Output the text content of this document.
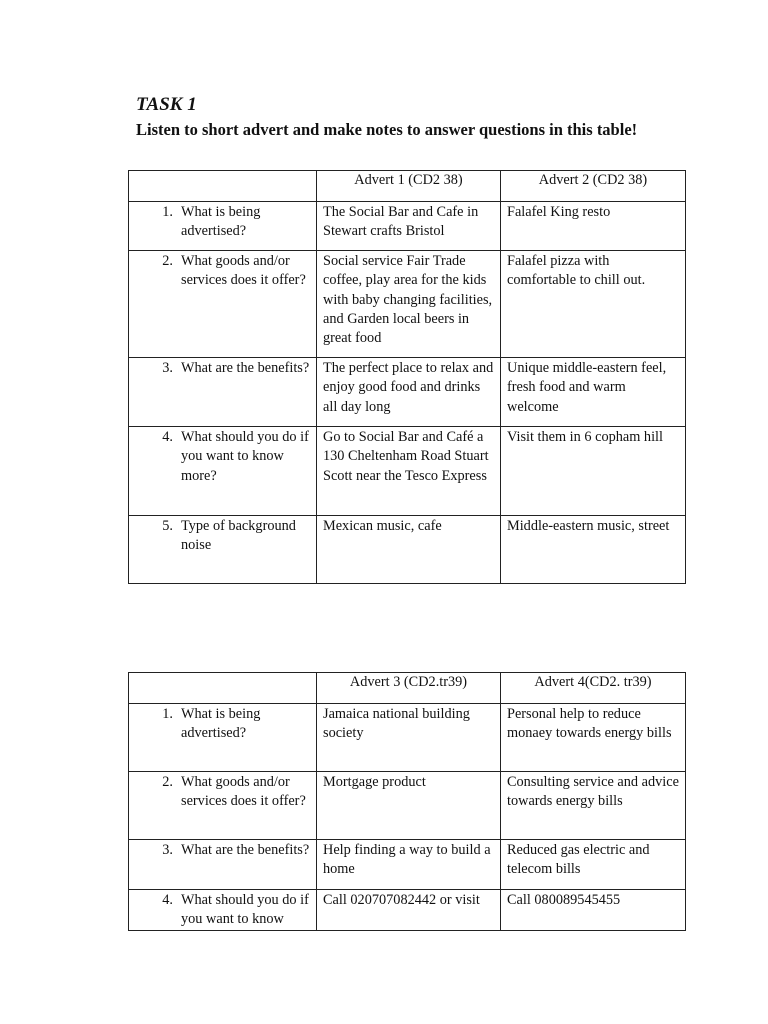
TASK 1

Listen to short advert and make notes to answer questions in this table!

	Advert 1 (CD2 38)	Advert 2 (CD2 38)

1. What is being advertised?	The Social Bar and Cafe in Stewart crafts Bristol	Falafel King resto

2. What goods and/or services does it offer?	Social service Fair Trade coffee, play area for the kids with baby changing facilities, and Garden local beers in great food	Falafel pizza with comfortable to chill out.

3. What are the benefits?	The perfect place to relax and enjoy good food and drinks all day long	Unique middle-eastern feel, fresh food and warm welcome

4. What should you do if you want to know more?	Go to Social Bar and Café a 130 Cheltenham Road Stuart Scott near the Tesco Express	Visit them in 6 copham hill

5. Type of background noise	Mexican music, cafe	Middle-eastern music, street
	Advert 3 (CD2.tr39)	Advert 4(CD2. tr39)

1. What is being advertised?	Jamaica national building society	Personal help to reduce monaey towards energy bills

2. What goods and/or services does it offer?	Mortgage product	Consulting service and advice towards energy bills

3. What are the benefits?	Help finding a way to build a home	Reduced gas electric and telecom bills

4. What should you do if you want to know	Call 020707082442 or visit	Call 080089545455
